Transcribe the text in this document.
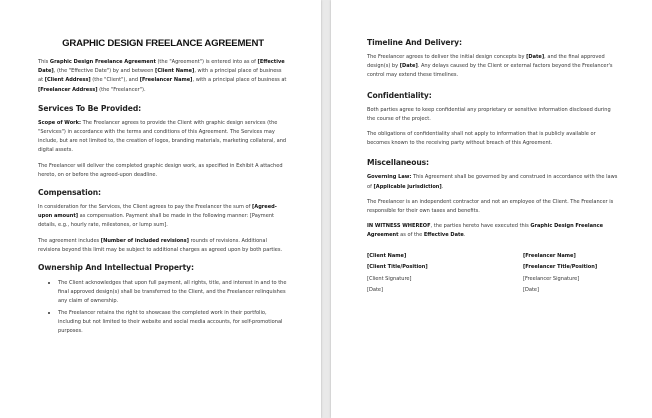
GRAPHIC DESIGN FREELANCE AGREEMENT

This Graphic Design Freelance Agreement (the "Agreement") is entered into as of [Effective Date], (the "Effective Date") by and between [Client Name], with a principal place of business at [Client Address] (the "Client"), and [Freelancer Name], with a principal place of business at [Freelancer Address] (the "Freelancer").

Services To Be Provided:

Scope of Work: The Freelancer agrees to provide the Client with graphic design services (the "Services") in accordance with the terms and conditions of this Agreement. The Services may include, but are not limited to, the creation of logos, branding materials, marketing collateral, and digital assets.

The Freelancer will deliver the completed graphic design work, as specified in Exhibit A attached hereto, on or before the agreed-upon deadline.

Compensation:

In consideration for the Services, the Client agrees to pay the Freelancer the sum of [Agreed-upon amount] as compensation. Payment shall be made in the following manner: [Payment details, e.g., hourly rate, milestones, or lump sum].

The agreement includes [Number of included revisions] rounds of revisions. Additional revisions beyond this limit may be subject to additional charges as agreed upon by both parties.

Ownership And Intellectual Property:
• The Client acknowledges that upon full payment, all rights, title, and interest in and to the final approved design(s) shall be transferred to the Client, and the Freelancer relinquishes any claim of ownership.
• The Freelancer retains the right to showcase the completed work in their portfolio, including but not limited to their website and social media accounts, for self-promotional purposes.
Timeline And Delivery:

The Freelancer agrees to deliver the initial design concepts by [Date], and the final approved design(s) by [Date]. Any delays caused by the Client or external factors beyond the Freelancer's control may extend these timelines.

Confidentiality:

Both parties agree to keep confidential any proprietary or sensitive information disclosed during the course of the project.

The obligations of confidentiality shall not apply to information that is publicly available or becomes known to the receiving party without breach of this Agreement.

Miscellaneous:

Governing Law: This Agreement shall be governed by and construed in accordance with the laws of [Applicable jurisdiction].

The Freelancer is an independent contractor and not an employee of the Client. The Freelancer is responsible for their own taxes and benefits.

IN WITNESS WHEREOF, the parties hereto have executed this Graphic Design Freelance Agreement as of the Effective Date.

[Client Name]
[Client Title/Position]
[Client Signature]
[Date]
[Freelancer Name]
[Freelancer Title/Position]
[Freelancer Signature]
[Date]
